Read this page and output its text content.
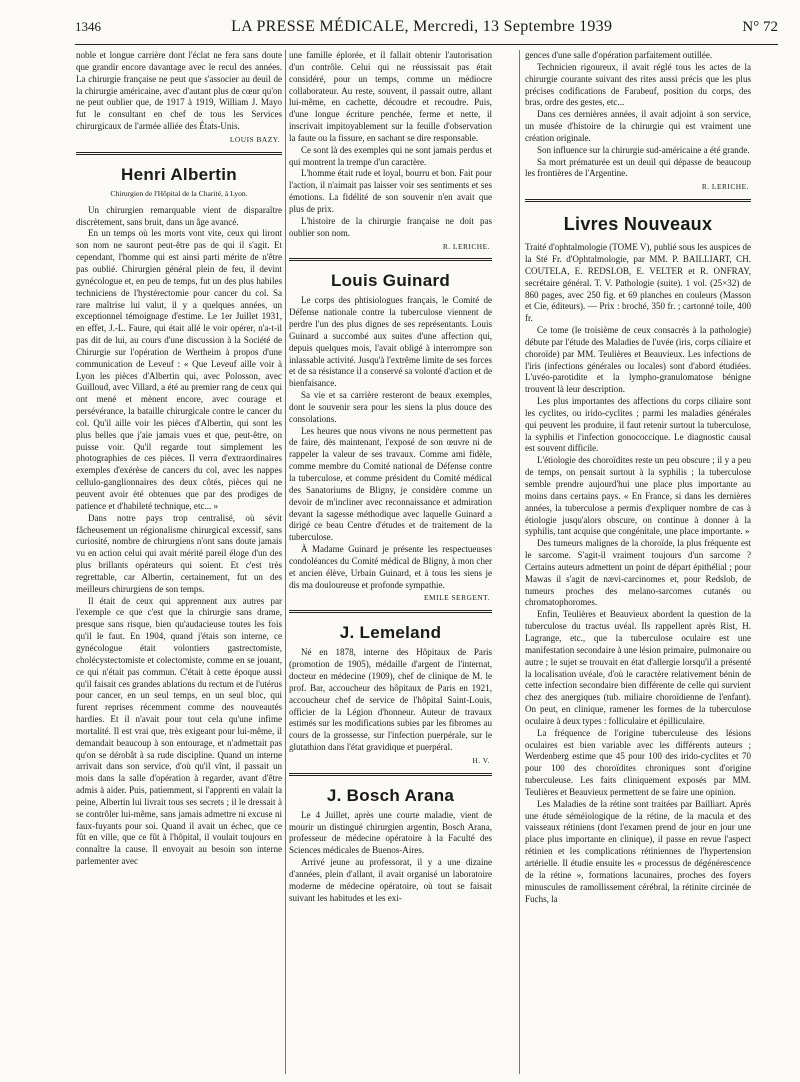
1346	LA PRESSE MÉDICALE, Mercredi, 13 Septembre 1939	N° 72

noble et longue carrière dont l'éclat ne fera sans doute que grandir encore davantage avec le recul des années. La chirurgie française ne peut que s'associer au deuil de la chirurgie américaine, avec d'autant plus de cœur qu'on ne peut oublier que, de 1917 à 1919, William J. Mayo fut le consultant en chef de tous les Services chirurgicaux de l'armée alliée des États-Unis.

LOUIS BAZY.
Henri Albertin
Chirurgien de l'Hôpital de la Charité, à Lyon.

Un chirurgien remarquable vient de disparaître discrètement, sans bruit, dans un âge avancé.

En un temps où les morts vont vite, ceux qui liront son nom ne sauront peut-être pas de qui il s'agit. Et cependant, l'homme qui est ainsi parti mérite de n'être pas oublié. Chirurgien général plein de feu, il devint gynécologue et, en peu de temps, fut un des plus habiles techniciens de l'hystérectomie pour cancer du col. Sa rare maîtrise lui valut, il y a quelques années, un exceptionnel témoignage d'estime. Le 1er Juillet 1931, en effet, J.-L. Faure, qui était allé le voir opérer, n'a-t-il pas dit de lui, au cours d'une discussion à la Société de Chirurgie sur l'opération de Wertheim à propos d'une communication de Leveuf : « Que Leveuf aille voir à Lyon les pièces d'Albertin qui, avec Polosson, avec Guilloud, avec Villard, a été au premier rang de ceux qui ont mené et mènent encore, avec courage et persévérance, la bataille chirurgicale contre le cancer du col. Qu'il aille voir les pièces d'Albertin, qui sont les plus belles que j'aie jamais vues et que, peut-être, on puisse voir. Qu'il regarde tout simplement les photographies de ces pièces. Il verra d'extraordinaires exemples d'exérèse de cancers du col, avec les nappes cellulo-ganglionnaires des deux côtés, pièces qui ne peuvent avoir été obtenues que par des prodiges de patience et d'habileté technique, etc... »

Dans notre pays trop centralisé, où sévit fâcheusement un régionalisme chirurgical excessif, sans curiosité, nombre de chirurgiens n'ont sans doute jamais vu en action celui qui avait mérité pareil éloge d'un des plus brillants opérateurs qui soient. Et c'est très regrettable, car Albertin, certainement, fut un des meilleurs chirurgiens de son temps.

Il était de ceux qui apprennent aux autres par l'exemple ce que c'est que la chirurgie sans drame, presque sans risque, bien qu'audacieuse toutes les fois qu'il le faut. En 1904, quand j'étais son interne, ce gynécologue était volontiers gastrectomiste, cholécystectomiste et colectomiste, comme en se jouant, ce qui n'était pas commun. C'était à cette époque aussi qu'il faisait ces grandes ablations du rectum et de l'utérus pour cancer, en un seul temps, en un seul bloc, qui furent reprises récemment comme des nouveautés hardies. Et il n'avait pour tout cela qu'une infime mortalité. Il est vrai que, très exigeant pour lui-même, il demandait beaucoup à son entourage, et n'admettait pas qu'on se dérobât à sa rude discipline. Quand un interne arrivait dans son service, d'où qu'il vînt, il passait un mois dans la salle d'opération à regarder, avant d'être admis à aider. Puis, patiemment, si l'apprenti en valait la peine, Albertin lui livrait tous ses secrets ; il le dressait à se contrôler lui-même, sans jamais admettre ni excuse ni faux-fuyants pour soi. Quand il avait un échec, que ce fût en ville, que ce fût à l'hôpital, il voulait toujours en connaître la cause. Il envoyait au besoin son interne parlementer avec

une famille éplorée, et il fallait obtenir l'autorisation d'un contrôle. Celui qui ne réussissait pas était considéré, pour un temps, comme un médiocre collaborateur. Au reste, souvent, il passait outre, allant lui-même, en cachette, découdre et recoudre. Puis, d'une longue écriture penchée, ferme et nette, il inscrivait impitoyablement sur la feuille d'observation la faute ou la fissure, en sachant se dire responsable.

Ce sont là des exemples qui ne sont jamais perdus et qui montrent la trempe d'un caractère.

L'homme était rude et loyal, bourru et bon. Fait pour l'action, il n'aimait pas laisser voir ses sentiments et ses émotions. La fidélité de son souvenir n'en avait que plus de prix.

L'histoire de la chirurgie française ne doit pas oublier son nom.

R. LERICHE.
Louis Guinard

Le corps des phtisiologues français, le Comité de Défense nationale contre la tuberculose viennent de perdre l'un des plus dignes de ses représentants. Louis Guinard a succombé aux suites d'une affection qui, depuis quelques mois, l'avait obligé à interrompre son inlassable activité. Jusqu'à l'extrême limite de ses forces et de sa résistance il a conservé sa volonté d'action et de bienfaisance.

Sa vie et sa carrière resteront de beaux exemples, dont le souvenir sera pour les siens la plus douce des consolations.

Les heures que nous vivons ne nous permettent pas de faire, dès maintenant, l'exposé de son œuvre ni de rappeler la valeur de ses travaux. Comme ami fidèle, comme membre du Comité national de Défense contre la tuberculose, et comme président du Comité médical des Sanatoriums de Bligny, je considère comme un devoir de m'incliner avec reconnaissance et admiration devant la sagesse méthodique avec laquelle Guinard a dirigé ce beau Centre d'études et de traitement de la tuberculose.

À Madame Guinard je présente les respectueuses condoléances du Comité médical de Bligny, à mon cher et ancien élève, Urbain Guinard, et à tous les siens je dis ma douloureuse et profonde sympathie.

EMILE SERGENT.
J. Lemeland

Né en 1878, interne des Hôpitaux de Paris (promotion de 1905), médaille d'argent de l'internat, docteur en médecine (1909), chef de clinique de M. le prof. Bar, accoucheur des hôpitaux de Paris en 1921, accoucheur chef de service de l'hôpital Saint-Louis, officier de la Légion d'honneur. Auteur de travaux estimés sur les modifications subies par les fibromes au cours de la grossesse, sur l'infection puerpérale, sur le glutathion dans l'état gravidique et puerpéral.

H. V.
J. Bosch Arana

Le 4 Juillet, après une courte maladie, vient de mourir un distingué chirurgien argentin, Bosch Arana, professeur de médecine opératoire à la Faculté des Sciences médicales de Buenos-Aires.

Arrivé jeune au professorat, il y a une dizaine d'années, plein d'allant, il avait organisé un laboratoire moderne de médecine opératoire, où tout se faisait suivant les habitudes et les exi-

gences d'une salle d'opération parfaitement outillée.

Technicien rigoureux, il avait réglé tous les actes de la chirurgie courante suivant des rites aussi précis que les plus précises codifications de Farabeuf, position du corps, des bras, ordre des gestes, etc...

Dans ces dernières années, il avait adjoint à son service, un musée d'histoire de la chirurgie qui est vraiment une création originale.

Son influence sur la chirurgie sud-américaine a été grande.

Sa mort prématurée est un deuil qui dépasse de beaucoup les frontières de l'Argentine.

R. LERICHE.
Livres Nouveaux

Traité d'ophtalmologie (TOME V), publié sous les auspices de la Sté Fr. d'Ophtalmologie, par MM. P. BAILLIART, CH. COUTELA, E. REDSLOB, E. VELTER et R. ONFRAY, secrétaire général. T. V. Pathologie (suite). 1 vol. (25×32) de 860 pages, avec 250 fig. et 69 planches en couleurs (Masson et Cie, éditeurs). — Prix : broché, 350 fr. ; cartonné toile, 400 fr.

Ce tome (le troisième de ceux consacrés à la pathologie) débute par l'étude des Maladies de l'uvée (iris, corps ciliaire et choroïde) par MM. Teulières et Beauvieux. Les infections de l'iris (infections générales ou locales) sont d'abord étudiées. L'uvéo-parotidite et la lympho-granulomatose bénigne trouvent là leur description.

Les plus importantes des affections du corps ciliaire sont les cyclites, ou irido-cyclites ; parmi les maladies générales qui peuvent les produire, il faut retenir surtout la tuberculose, la syphilis et l'infection gonococcique. Le diagnostic causal est souvent difficile.

L'étiologie des choroïdites reste un peu obscure ; il y a peu de temps, on pensait surtout à la syphilis ; la tuberculose semble prendre aujourd'hui une place plus importante au moins dans certains pays. « En France, si dans les dernières années, la tuberculose a permis d'expliquer nombre de cas à étiologie jusqu'alors obscure, on continue à donner à la syphilis, tant acquise que congénitale, une place importante. »

Des tumeurs malignes de la choroïde, la plus fréquente est le sarcome. S'agit-il vraiment toujours d'un sarcome ? Certains auteurs admettent un point de départ épithélial ; pour Mawas il s'agit de nævi-carcinomes et, pour Redslob, de tumeurs proches des melano-sarcomes cutanés ou chromatophoromes.

Enfin, Teulières et Beauvieux abordent la question de la tuberculose du tractus uvéal. Ils rappellent après Rist, H. Lagrange, etc., que la tuberculose oculaire est une manifestation secondaire à une lésion primaire, pulmonaire ou autre ; le sujet se trouvait en état d'allergie lorsqu'il a présenté la localisation uvéale, d'où le caractère relativement bénin de cette infection secondaire bien différente de celle qui survient chez des anergiques (tub. miliaire choroïdienne de l'enfant). On peut, en clinique, ramener les formes de la tuberculose oculaire à deux types : folliculaire et épilliculaire.

La fréquence de l'origine tuberculeuse des lésions oculaires est bien variable avec les différents auteurs ; Werdenberg estime que 45 pour 100 des irido-cyclites et 70 pour 100 des choroïdites chroniques sont d'origine tuberculeuse. Les faits cliniquement exposés par MM. Teulières et Beauvieux permettent de se faire une opinion.

Les Maladies de la rétine sont traitées par Bailliart. Après une étude séméiologique de la rétine, de la macula et des vaisseaux rétiniens (dont l'examen prend de jour en jour une place plus importante en clinique), il passe en revue l'aspect rétinien et les complications rétiniennes de l'hypertension artérielle. Il étudie ensuite les « processus de dégénérescence de la rétine », formations lacunaires, proches des foyers minuscules de ramollissement cérébral, la rétinite circinée de Fuchs, la
